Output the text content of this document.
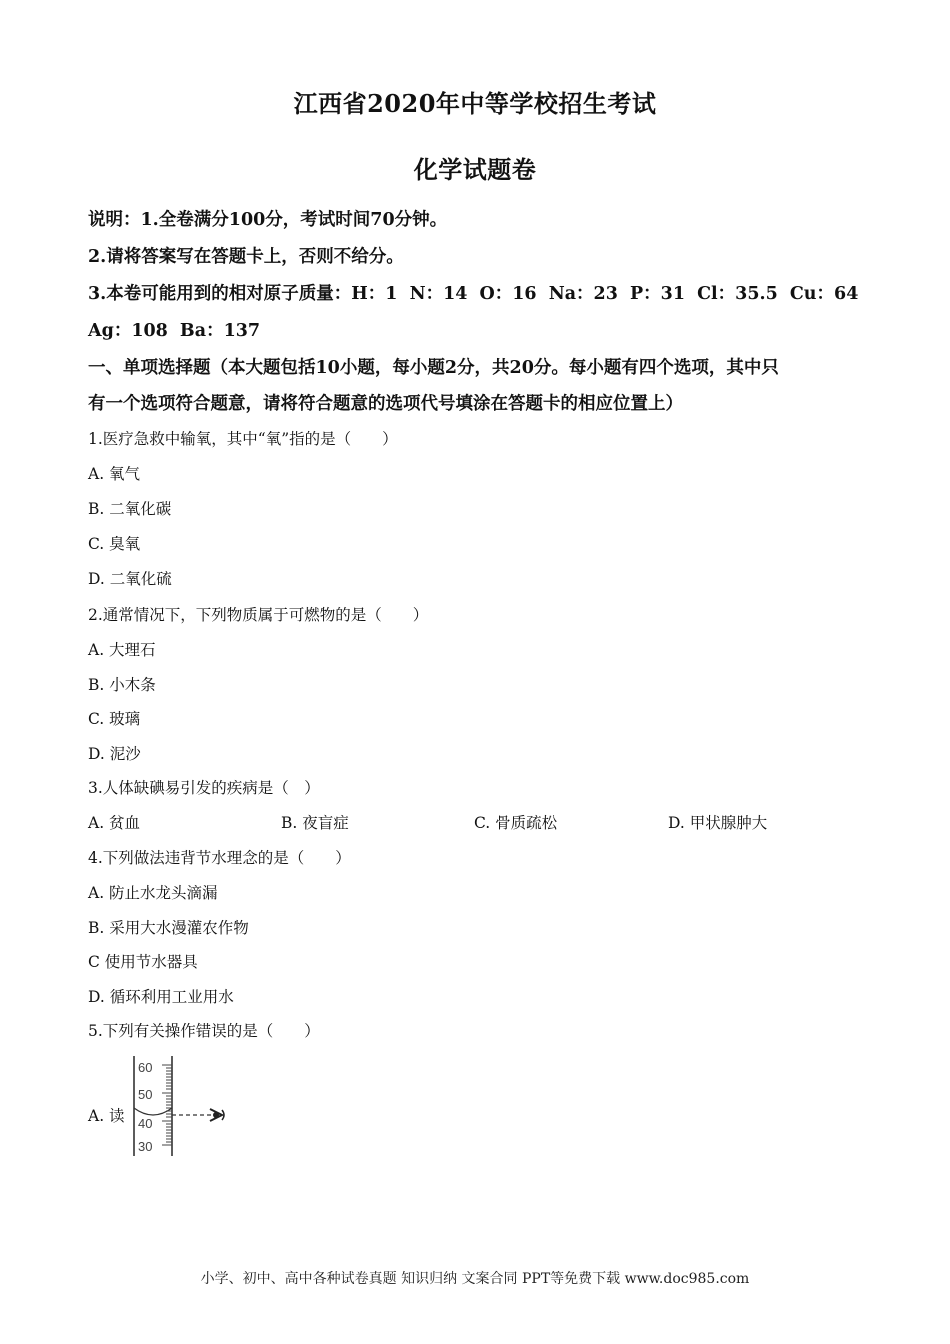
江西省2020年中等学校招生考试
化学试题卷
说明：1.全卷满分100分，考试时间70分钟。
2.请将答案写在答题卡上，否则不给分。
3.本卷可能用到的相对原子质量：H：1 N：14 O：16 Na：23 P：31 Cl：35.5 Cu：64
Ag：108 Ba：137
一、单项选择题（本大题包括10小题，每小题2分，共20分。每小题有四个选项，其中只
有一个选项符合题意，请将符合题意的选项代号填涂在答题卡的相应位置上）
1.医疗急救中输氧，其中“氧”指的是（　　）
A. 氧气
B. 二氧化碳
C. 臭氧
D. 二氧化硫
2.通常情况下，下列物质属于可燃物的是（　　）
A. 大理石
B. 小木条
C. 玻璃
D. 泥沙
3.人体缺碘易引发的疾病是（　）
A. 贫血	B. 夜盲症	C. 骨质疏松	D. 甲状腺肿大
4.下列做法违背节水理念的是（　　）
A. 防止水龙头滴漏
B. 采用大水漫灌农作物
C 使用节水器具
D. 循环利用工业用水
5.下列有关操作错误的是（　　）
A. 读
60
50
40
30
小学、初中、高中各种试卷真题 知识归纳 文案合同 PPT等免费下载 www.doc985.com
